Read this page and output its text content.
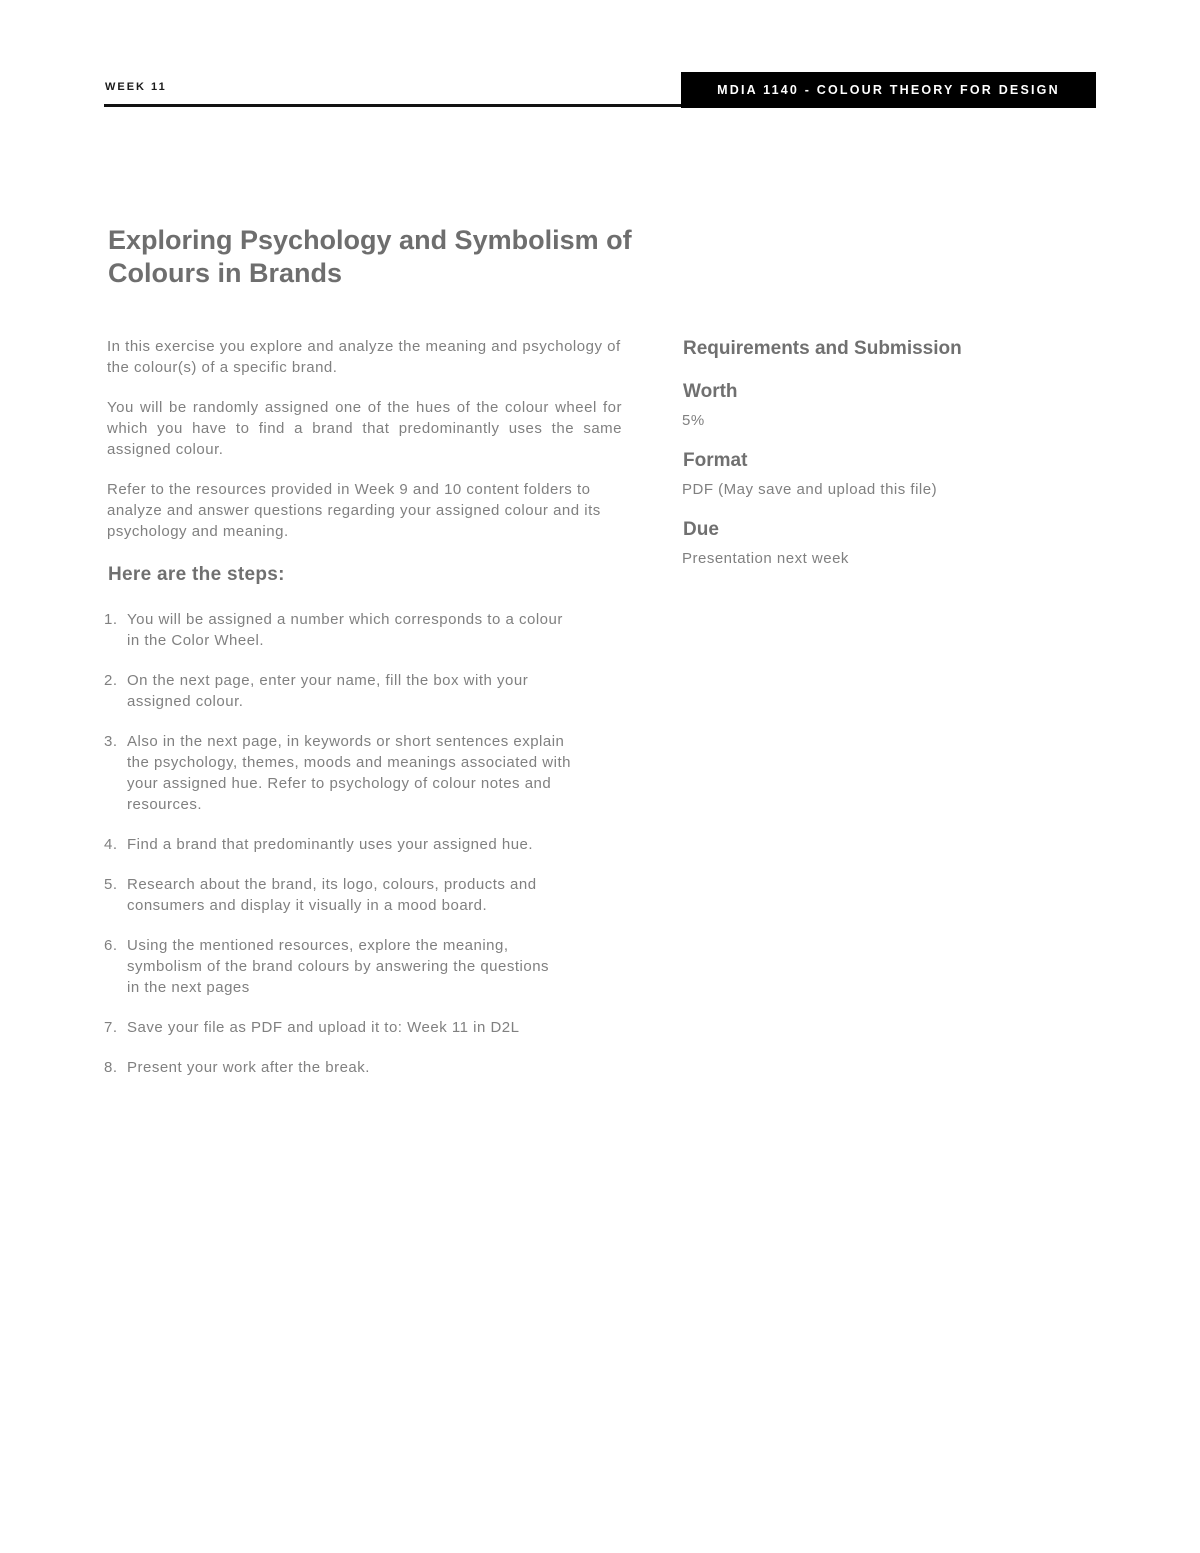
WEEK 11	MDIA 1140 - COLOUR THEORY FOR DESIGN
Exploring Psychology and Symbolism of Colours in Brands

In this exercise you explore and analyze the meaning and psychology of the colour(s) of a specific brand.

You will be randomly assigned one of the hues of the colour wheel for which you have to find a brand that predominantly uses the same assigned colour.

Refer to the resources provided in Week 9 and 10 content folders to analyze and answer questions regarding your assigned colour and its psychology and meaning.

Here are the steps:
1. You will be assigned a number which corresponds to a colour
in the Color Wheel.
2. On the next page, enter your name, fill the box with your
assigned colour.
3. Also in the next page, in keywords or short sentences explain
the psychology, themes, moods and meanings associated with
your assigned hue. Refer to psychology of colour notes and
resources.
4. Find a brand that predominantly uses your assigned hue.
5. Research about the brand, its logo, colours, products and
consumers and display it visually in a mood board.
6. Using the mentioned resources, explore the meaning,
symbolism of the brand colours by answering the questions
in the next pages
7. Save your file as PDF and upload it to: Week 11 in D2L
8. Present your work after the break.
Requirements and Submission
Worth
5%
Format
PDF (May save and upload this file)
Due
Presentation next week
